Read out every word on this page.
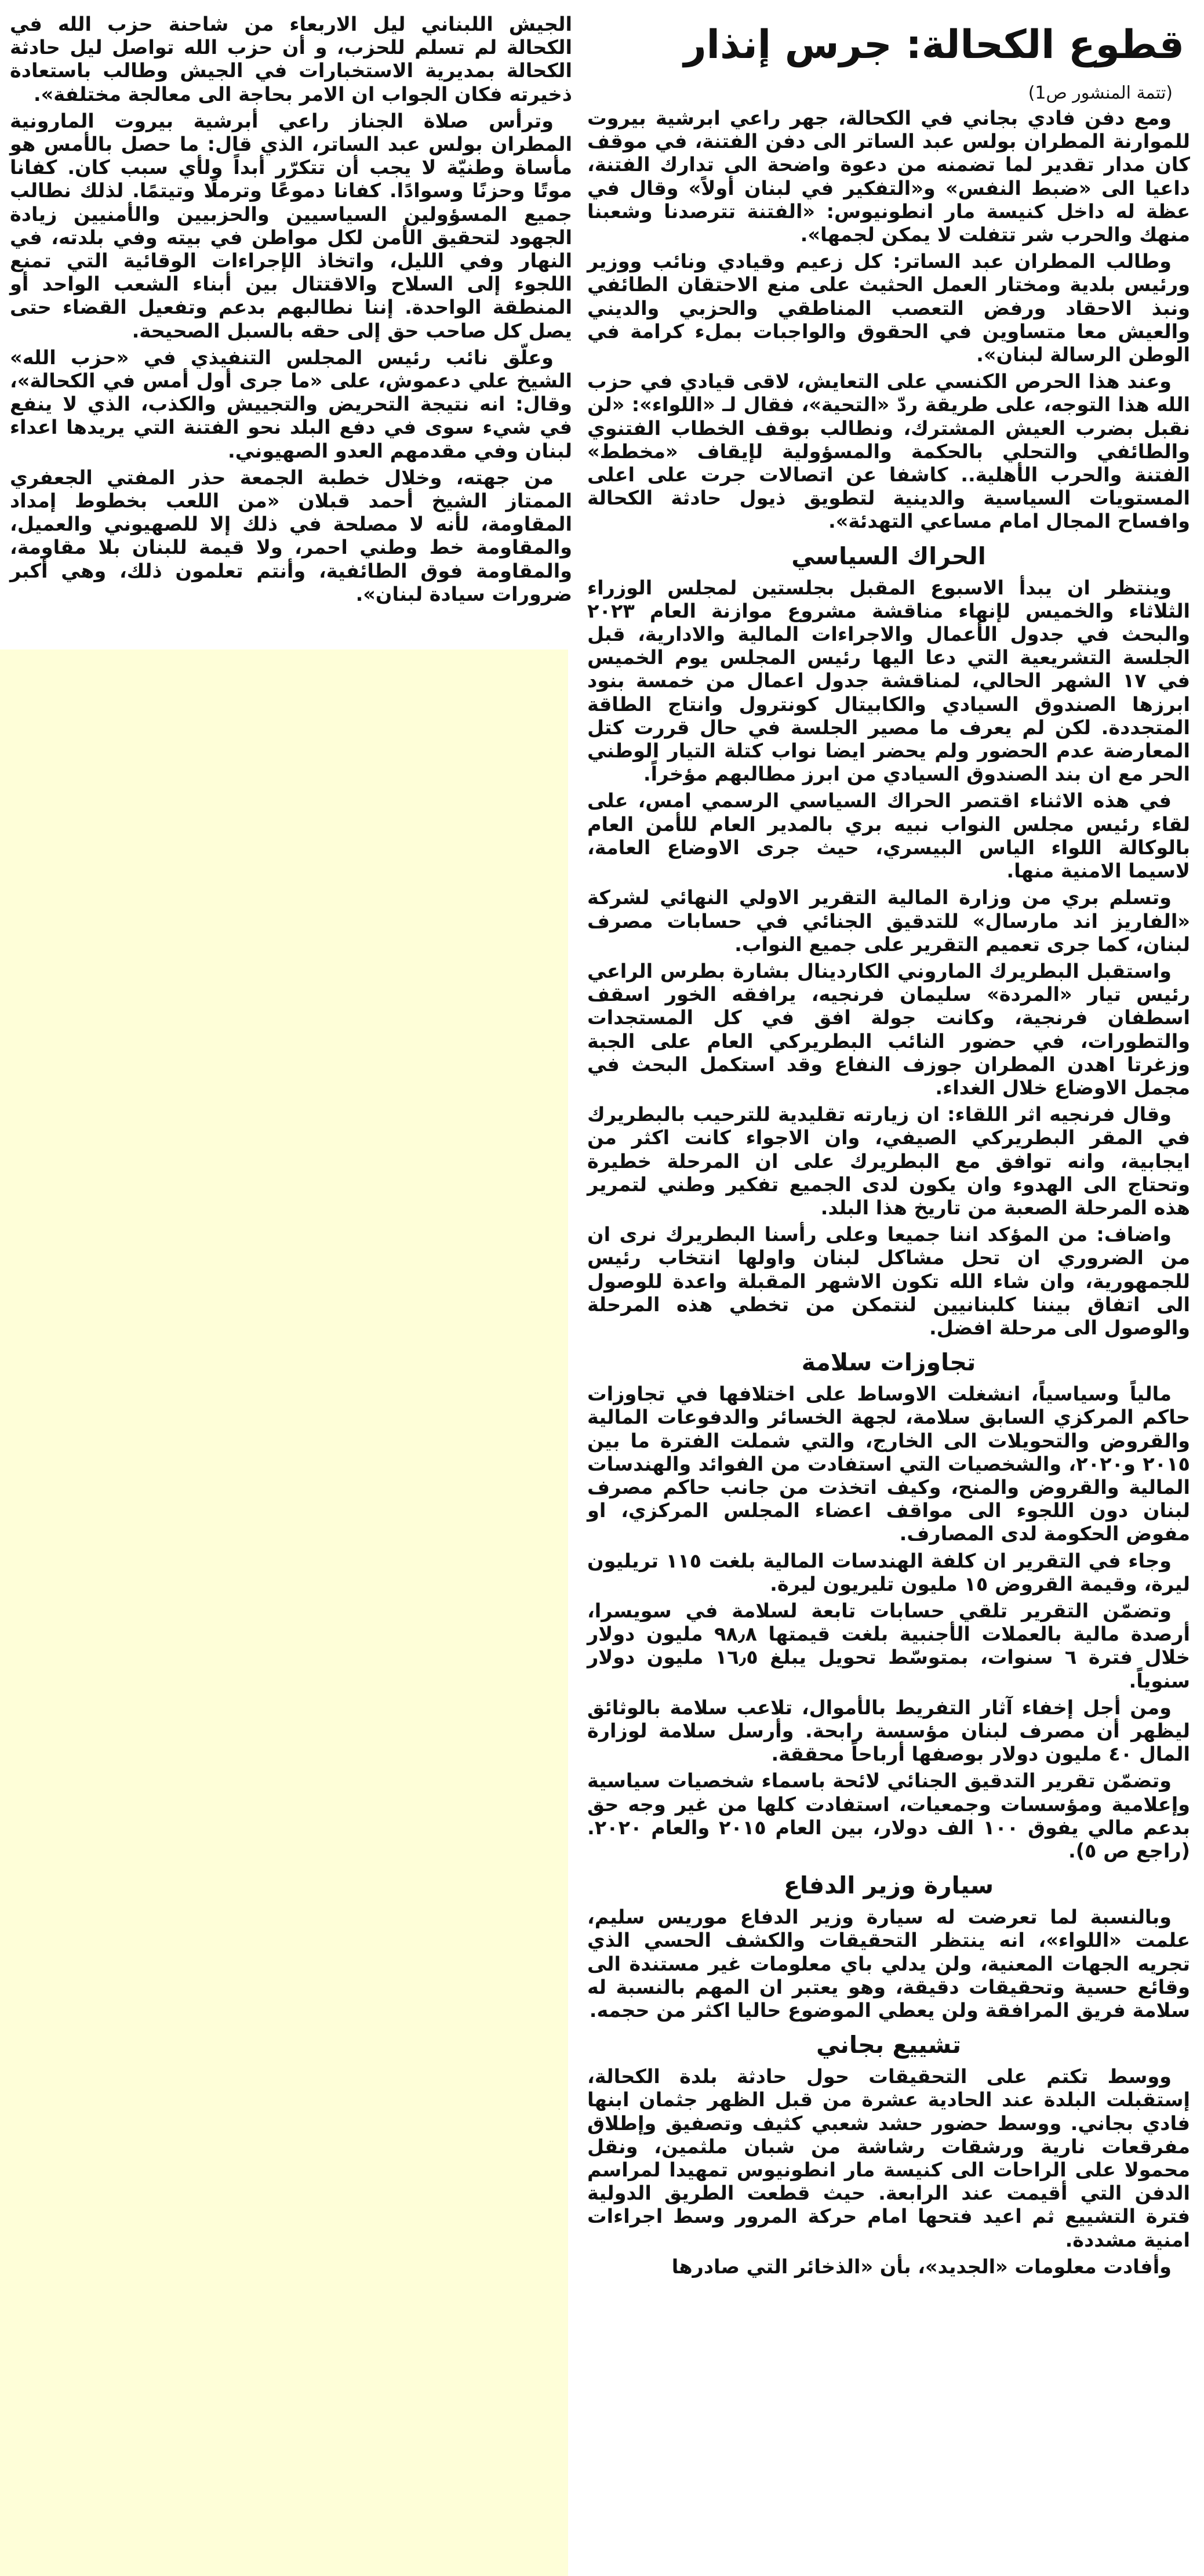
قطوع الكحالة: جرس إنذار
(تتمة المنشور ص1)

ومع دفن فادي بجاني في الكحالة، جهر راعي ابرشية بيروت للموارنة المطران بولس عبد الساتر الى دفن الفتنة، في موقف كان مدار تقدير لما تضمنه من دعوة واضحة الى تدارك الفتنة، داعيا الى «ضبط النفس» و«التفكير في لبنان أولاً» وقال في عظة له داخل كنيسة مار انطونيوس: «الفتنة تترصدنا وشعبنا منهك والحرب شر تتفلت لا يمكن لجمها».

وطالب المطران عبد الساتر: كل زعيم وقيادي ونائب ووزير ورئيس بلدية ومختار العمل الحثيث على منع الاحتقان الطائفي ونبذ الاحقاد ورفض التعصب المناطقي والحزبي والديني والعيش معا متساوين في الحقوق والواجبات بملء كرامة في الوطن الرسالة لبنان».

وعند هذا الحرص الكنسي على التعايش، لاقى قيادي في حزب الله هذا التوجه، على طريقة ردّ «التحية»، فقال لـ «اللواء»: «لن نقبل بضرب العيش المشترك، ونطالب بوقف الخطاب الفتنوي والطائفي والتحلي بالحكمة والمسؤولية لإيقاف «مخطط» الفتنة والحرب الأهلية.. كاشفا عن اتصالات جرت على اعلى المستويات السياسية والدينية لتطويق ذيول حادثة الكحالة وافساح المجال امام مساعي التهدئة».

الحراك السياسي

وينتظر ان يبدأ الاسبوع المقبل بجلستين لمجلس الوزراء الثلاثاء والخميس لإنهاء مناقشة مشروع موازنة العام ٢٠٢٣ والبحث في جدول الأعمال والاجراءات المالية والادارية، قبل الجلسة التشريعية التي دعا اليها رئيس المجلس يوم الخميس في ١٧ الشهر الحالي، لمناقشة جدول اعمال من خمسة بنود ابرزها الصندوق السيادي والكابيتال كونترول وانتاج الطاقة المتجددة. لكن لم يعرف ما مصير الجلسة في حال قررت كتل المعارضة عدم الحضور ولم يحضر ايضا نواب كتلة التيار الوطني الحر مع ان بند الصندوق السيادي من ابرز مطالبهم مؤخراً.

في هذه الاثناء اقتصر الحراك السياسي الرسمي امس، على لقاء رئيس مجلس النواب نبيه بري بالمدير العام للأمن العام بالوكالة اللواء الياس البيسري، حيث جرى الاوضاع العامة، لاسيما الامنية منها.

وتسلم بري من وزارة المالية التقرير الاولي النهائي لشركة «الفاريز اند مارسال» للتدقيق الجنائي في حسابات مصرف لبنان، كما جرى تعميم التقرير على جميع النواب.

واستقبل البطريرك الماروني الكاردينال بشارة بطرس الراعي رئيس تيار «المردة» سليمان فرنجيه، يرافقه الخور اسقف اسطفان فرنجية، وكانت جولة افق في كل المستجدات والتطورات، في حضور النائب البطريركي العام على الجبة وزغرتا اهدن المطران جوزف النفاع وقد استكمل البحث في مجمل الاوضاع خلال الغداء.

وقال فرنجيه اثر اللقاء: ان زيارته تقليدية للترحيب بالبطريرك في المقر البطريركي الصيفي، وان الاجواء كانت اكثر من ايجابية، وانه توافق مع البطريرك على ان المرحلة خطيرة وتحتاج الى الهدوء وان يكون لدى الجميع تفكير وطني لتمرير هذه المرحلة الصعبة من تاريخ هذا البلد.

واضاف: من المؤكد اننا جميعا وعلى رأسنا البطريرك نرى ان من الضروري ان تحل مشاكل لبنان واولها انتخاب رئيس للجمهورية، وان شاء الله تكون الاشهر المقبلة واعدة للوصول الى اتفاق بيننا كلبنانيين لنتمكن من تخطي هذه المرحلة والوصول الى مرحلة افضل.

تجاوزات سلامة

مالياً وسياسياً، انشغلت الاوساط على اختلافها في تجاوزات حاكم المركزي السابق سلامة، لجهة الخسائر والدفوعات المالية والقروض والتحويلات الى الخارج، والتي شملت الفترة ما بين ٢٠١٥ و٢٠٢٠، والشخصيات التي استفادت من الفوائد والهندسات المالية والقروض والمنح، وكيف اتخذت من جانب حاكم مصرف لبنان دون اللجوء الى مواقف اعضاء المجلس المركزي، او مفوض الحكومة لدى المصارف.

وجاء في التقرير ان كلفة الهندسات المالية بلغت ١١٥ تريليون ليرة، وقيمة القروض ١٥ مليون تليريون ليرة.

وتضمّن التقرير تلقي حسابات تابعة لسلامة في سويسرا، أرصدة مالية بالعملات الأجنبية بلغت قيمتها ٩٨٫٨ مليون دولار خلال فترة ٦ سنوات، بمتوسّط تحويل يبلغ ١٦٫٥ مليون دولار سنوياً.

ومن أجل إخفاء آثار التفريط بالأموال، تلاعب سلامة بالوثائق ليظهر أن مصرف لبنان مؤسسة رابحة. وأرسل سلامة لوزارة المال ٤٠ مليون دولار بوصفها أرباحاً محققة.

وتضمّن تقرير التدقيق الجنائي لائحة باسماء شخصيات سياسية وإعلامية ومؤسسات وجمعيات، استفادت كلها من غير وجه حق بدعم مالي يفوق ١٠٠ الف دولار، بين العام ٢٠١٥ والعام ٢٠٢٠. (راجع ص ٥).

سيارة وزير الدفاع

وبالنسبة لما تعرضت له سيارة وزير الدفاع موريس سليم، علمت «اللواء»، انه ينتظر التحقيقات والكشف الحسي الذي تجريه الجهات المعنية، ولن يدلي باي معلومات غير مستندة الى وقائع حسية وتحقيقات دقيقة، وهو يعتبر ان المهم بالنسبة له سلامة فريق المرافقة ولن يعطي الموضوع حاليا اكثر من حجمه.

تشييع بجاني

ووسط تكتم على التحقيقات حول حادثة بلدة الكحالة، إستقبلت البلدة عند الحادية عشرة من قبل الظهر جثمان ابنها فادي بجاني. ووسط حضور حشد شعبي كثيف وتصفيق وإطلاق مفرقعات نارية ورشقات رشاشة من شبان ملثمين، ونقل محمولا على الراحات الى كنيسة مار انطونيوس تمهيدا لمراسم الدفن التي أقيمت عند الرابعة. حيث قطعت الطريق الدولية فترة التشييع ثم اعيد فتحها امام حركة المرور وسط اجراءات امنية مشددة.

وأفادت معلومات «الجديد»، بأن «الذخائر التي صادرها

الجيش اللبناني ليل الاربعاء من شاحنة حزب الله في الكحالة لم تسلم للحزب، و أن حزب الله تواصل ليل حادثة الكحالة بمديرية الاستخبارات في الجيش وطالب باستعادة ذخيرته فكان الجواب ان الامر بحاجة الى معالجة مختلفة».

وترأس صلاة الجناز راعي أبرشية بيروت المارونية المطران بولس عبد الساتر، الذي قال: ما حصل بالأمس هو مأساة وطنيّة لا يجب أن تتكرّر أبداً ولأي سبب كان. كفانا موتًا وحزنًا وسوادًا. كفانا دموعًا وترملًا وتيتمًا. لذلك نطالب جميع المسؤولين السياسيين والحزبيين والأمنيين زيادة الجهود لتحقيق الأمن لكل مواطن في بيته وفي بلدته، في النهار وفي الليل، واتخاذ الإجراءات الوقائية التي تمنع اللجوء إلى السلاح والاقتتال بين أبناء الشعب الواحد أو المنطقة الواحدة. إننا نطالبهم بدعم وتفعيل القضاء حتى يصل كل صاحب حق إلى حقه بالسبل الصحيحة.

وعلّق نائب رئيس المجلس التنفيذي في «حزب الله» الشيخ علي دعموش، على «ما جرى أول أمس في الكحالة»، وقال: انه نتيجة التحريض والتجييش والكذب، الذي لا ينفع في شيء سوى في دفع البلد نحو الفتنة التي يريدها اعداء لبنان وفي مقدمهم العدو الصهيوني.

من جهته، وخلال خطبة الجمعة حذر المفتي الجعفري الممتاز الشيخ أحمد قبلان «من اللعب بخطوط إمداد المقاومة، لأنه لا مصلحة في ذلك إلا للصهيوني والعميل، والمقاومة خط وطني احمر، ولا قيمة للبنان بلا مقاومة، والمقاومة فوق الطائفية، وأنتم تعلمون ذلك، وهي أكبر ضرورات سيادة لبنان».
